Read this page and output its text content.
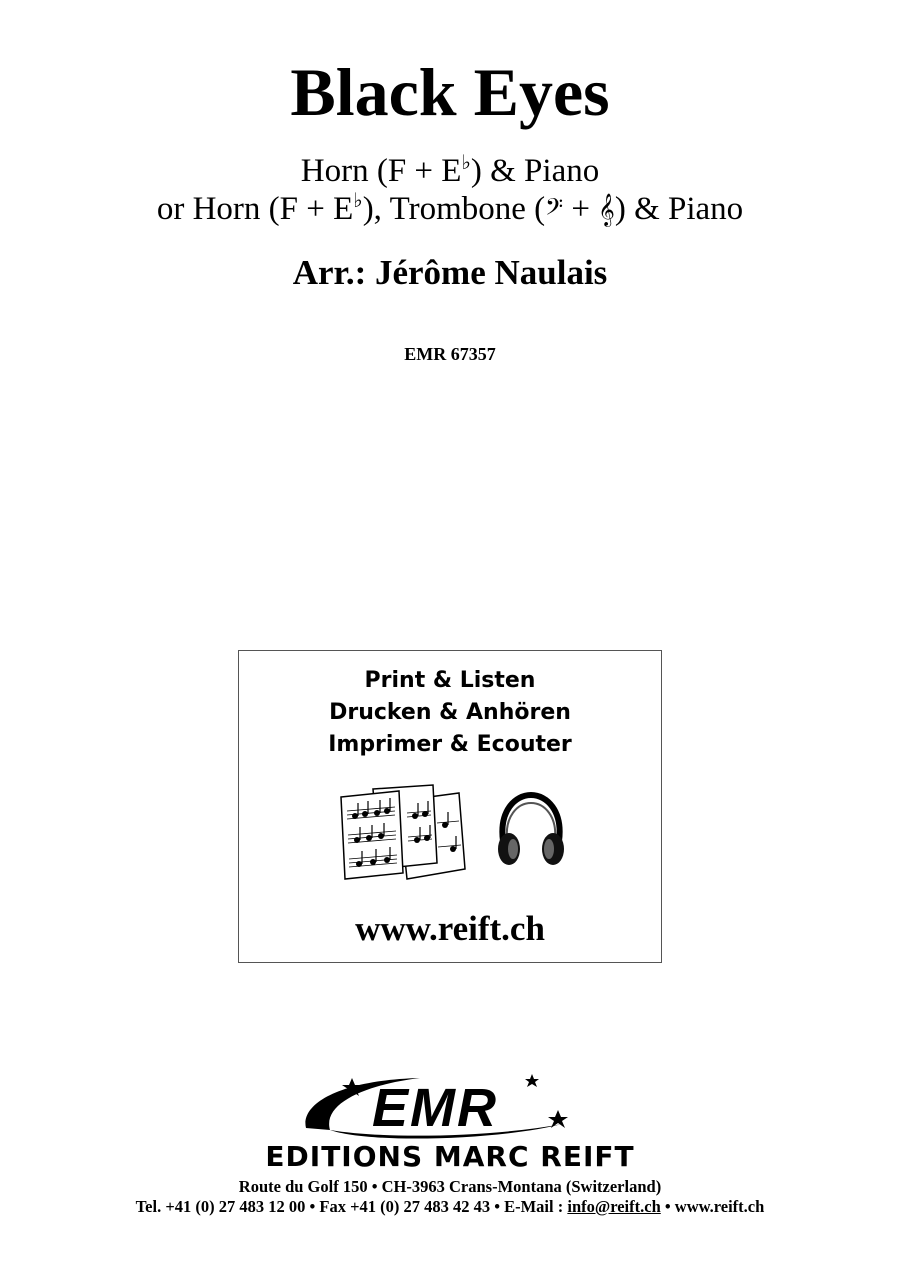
Black Eyes
Horn (F + E♭) & Piano
or Horn (F + E♭), Trombone (𝄢 + 𝄞) & Piano
Arr.: Jérôme Naulais
EMR 67357
Print & Listen
Drucken & Anhören
Imprimer & Ecouter
www.reift.ch
EMR
EDITIONS MARC REIFT
Route du Golf 150 • CH-3963 Crans-Montana (Switzerland)
Tel. +41 (0) 27 483 12 00 • Fax +41 (0) 27 483 42 43 • E-Mail : info@reift.ch • www.reift.ch
